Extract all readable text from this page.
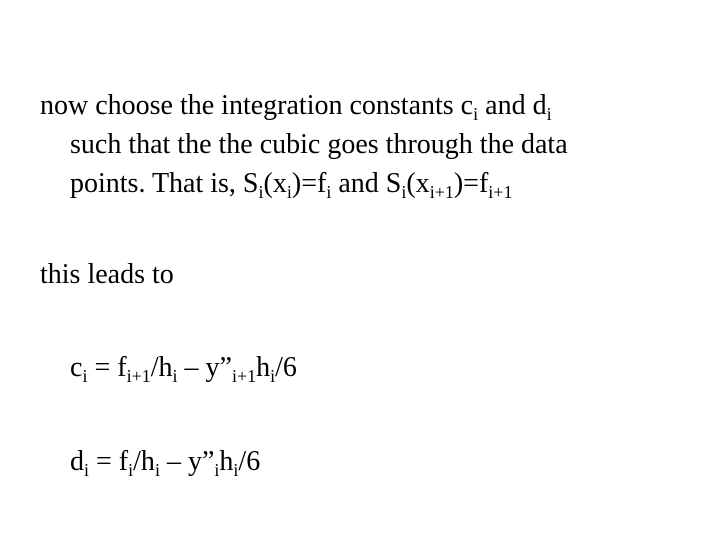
now choose the integration constants $c_i$ and $d_i$
such that the the cubic goes through the data
points. That is, $S_i(x_i)=f_i$ and $S_i(x_{i+1})=f_{i+1}$
this leads to
$c_i = f_{i+1}/h_i$ – $y”_{i+1}h_i/6$
$d_i = f_i/h_i$ – $y”_ih_i/6$
